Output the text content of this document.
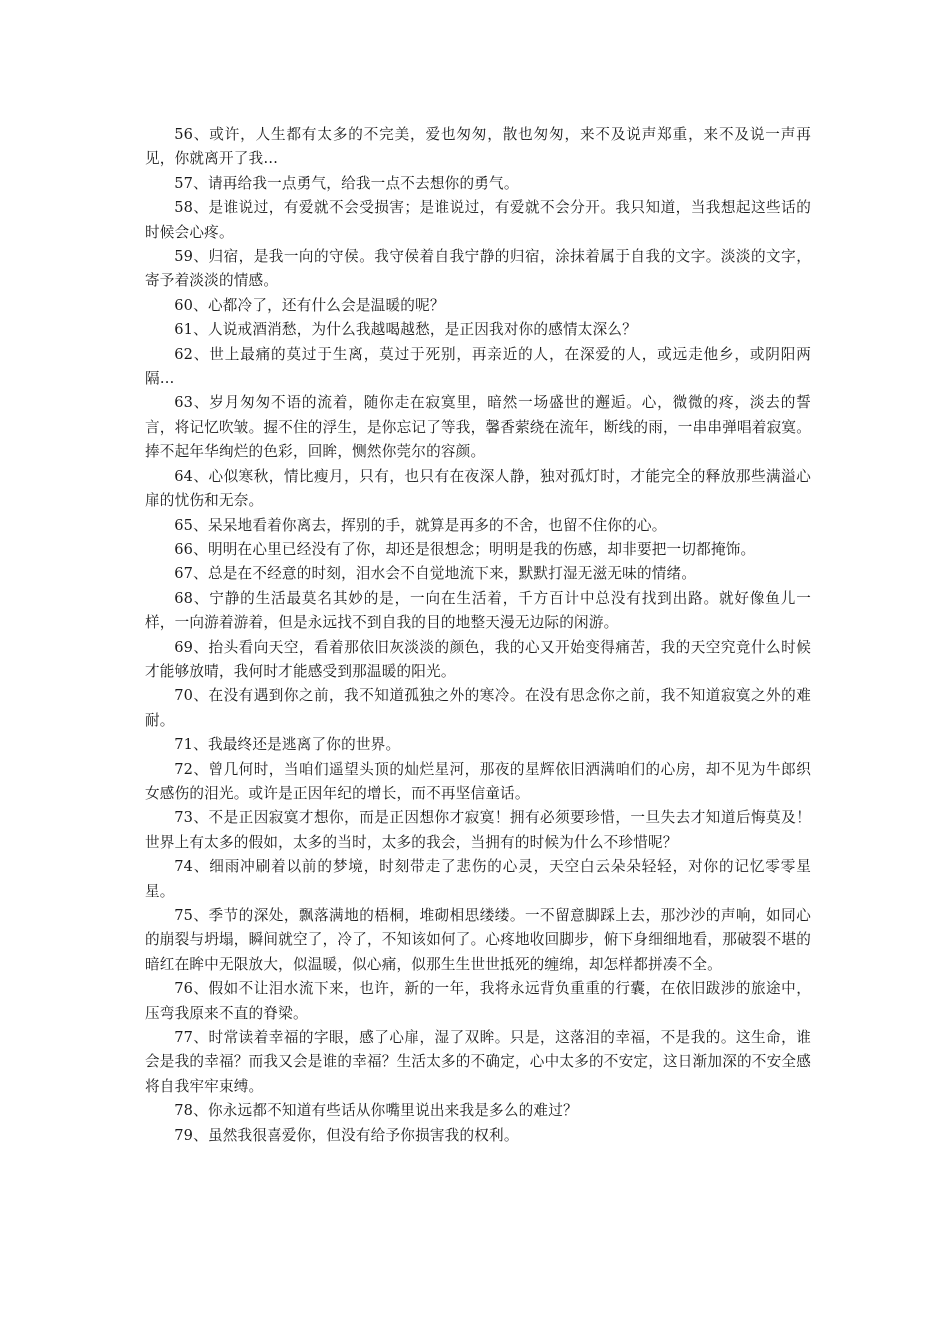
56、或许，人生都有太多的不完美，爱也匆匆，散也匆匆，来不及说声郑重，来不及说一声再见，你就离开了我…

57、请再给我一点勇气，给我一点不去想你的勇气。

58、是谁说过，有爱就不会受损害；是谁说过，有爱就不会分开。我只知道，当我想起这些话的时候会心疼。

59、归宿，是我一向的守侯。我守侯着自我宁静的归宿，涂抹着属于自我的文字。淡淡的文字，寄予着淡淡的情感。

60、心都冷了，还有什么会是温暖的呢？

61、人说戒酒消愁，为什么我越喝越愁，是正因我对你的感情太深么？

62、世上最痛的莫过于生离，莫过于死别，再亲近的人，在深爱的人，或远走他乡，或阴阳两隔…

63、岁月匆匆不语的流着，随你走在寂寞里，暗然一场盛世的邂逅。心，微微的疼，淡去的誓言，将记忆吹皱。握不住的浮生，是你忘记了等我，馨香萦绕在流年，断线的雨，一串串弹唱着寂寞。捧不起年华绚烂的色彩，回眸，恻然你莞尔的容颜。

64、心似寒秋，情比瘦月，只有，也只有在夜深人静，独对孤灯时，才能完全的释放那些满溢心扉的忧伤和无奈。

65、呆呆地看着你离去，挥别的手，就算是再多的不舍，也留不住你的心。

66、明明在心里已经没有了你，却还是很想念；明明是我的伤感，却非要把一切都掩饰。

67、总是在不经意的时刻，泪水会不自觉地流下来，默默打湿无滋无味的情绪。

68、宁静的生活最莫名其妙的是，一向在生活着，千方百计中总没有找到出路。就好像鱼儿一样，一向游着游着，但是永远找不到自我的目的地整天漫无边际的闲游。

69、抬头看向天空，看着那依旧灰淡淡的颜色，我的心又开始变得痛苦，我的天空究竟什么时候才能够放晴，我何时才能感受到那温暖的阳光。

70、在没有遇到你之前，我不知道孤独之外的寒冷。在没有思念你之前，我不知道寂寞之外的难耐。

71、我最终还是逃离了你的世界。

72、曾几何时，当咱们遥望头顶的灿烂星河，那夜的星辉依旧洒满咱们的心房，却不见为牛郎织女感伤的泪光。或许是正因年纪的增长，而不再坚信童话。

73、不是正因寂寞才想你，而是正因想你才寂寞！拥有必须要珍惜，一旦失去才知道后悔莫及！世界上有太多的假如，太多的当时，太多的我会，当拥有的时候为什么不珍惜呢？

74、细雨冲刷着以前的梦境，时刻带走了悲伤的心灵，天空白云朵朵轻轻，对你的记忆零零星星。

75、季节的深处，飘落满地的梧桐，堆砌相思缕缕。一不留意脚踩上去，那沙沙的声响，如同心的崩裂与坍塌，瞬间就空了，冷了，不知该如何了。心疼地收回脚步，俯下身细细地看，那破裂不堪的暗红在眸中无限放大，似温暖，似心痛，似那生生世世抵死的缠绵，却怎样都拼凑不全。

76、假如不让泪水流下来，也许，新的一年，我将永远背负重重的行囊，在依旧跋涉的旅途中，压弯我原来不直的脊梁。

77、时常读着幸福的字眼，感了心扉，湿了双眸。只是，这落泪的幸福，不是我的。这生命，谁会是我的幸福？而我又会是谁的幸福？生活太多的不确定，心中太多的不安定，这日渐加深的不安全感将自我牢牢束缚。

78、你永远都不知道有些话从你嘴里说出来我是多么的难过？

79、虽然我很喜爱你，但没有给予你损害我的权利。
